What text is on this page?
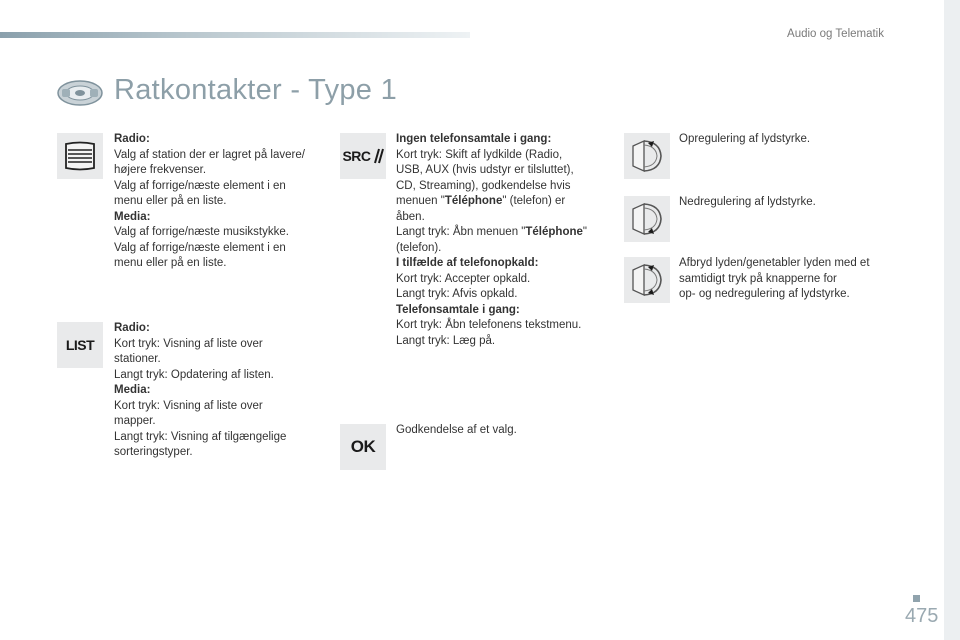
Audio og Telematik
Ratkontakter - Type 1
Radio:
Valg af station der er lagret på lavere/
højere frekvenser.
Valg af forrige/næste element i en
menu eller på en liste.
Media:
Valg af forrige/næste musikstykke.
Valg af forrige/næste element i en
menu eller på en liste.
LIST
Radio:
Kort tryk: Visning af liste over
stationer.
Langt tryk: Opdatering af listen.
Media:
Kort tryk: Visning af liste over
mapper.
Langt tryk: Visning af tilgængelige
sorteringstyper.
SRC
Ingen telefonsamtale i gang:
Kort tryk: Skift af lydkilde (Radio,
USB, AUX (hvis udstyr er tilsluttet),
CD, Streaming), godkendelse hvis
menuen "Téléphone" (telefon) er
åben.
Langt tryk: Åbn menuen "Téléphone"
(telefon).
I tilfælde af telefonopkald:
Kort tryk: Accepter opkald.
Langt tryk: Afvis opkald.
Telefonsamtale i gang:
Kort tryk: Åbn telefonens tekstmenu.
Langt tryk: Læg på.
OK
Godkendelse af et valg.
Opregulering af lydstyrke.
Nedregulering af lydstyrke.
Afbryd lyden/genetabler lyden med et
samtidigt tryk på knapperne for
op- og nedregulering af lydstyrke.
475
